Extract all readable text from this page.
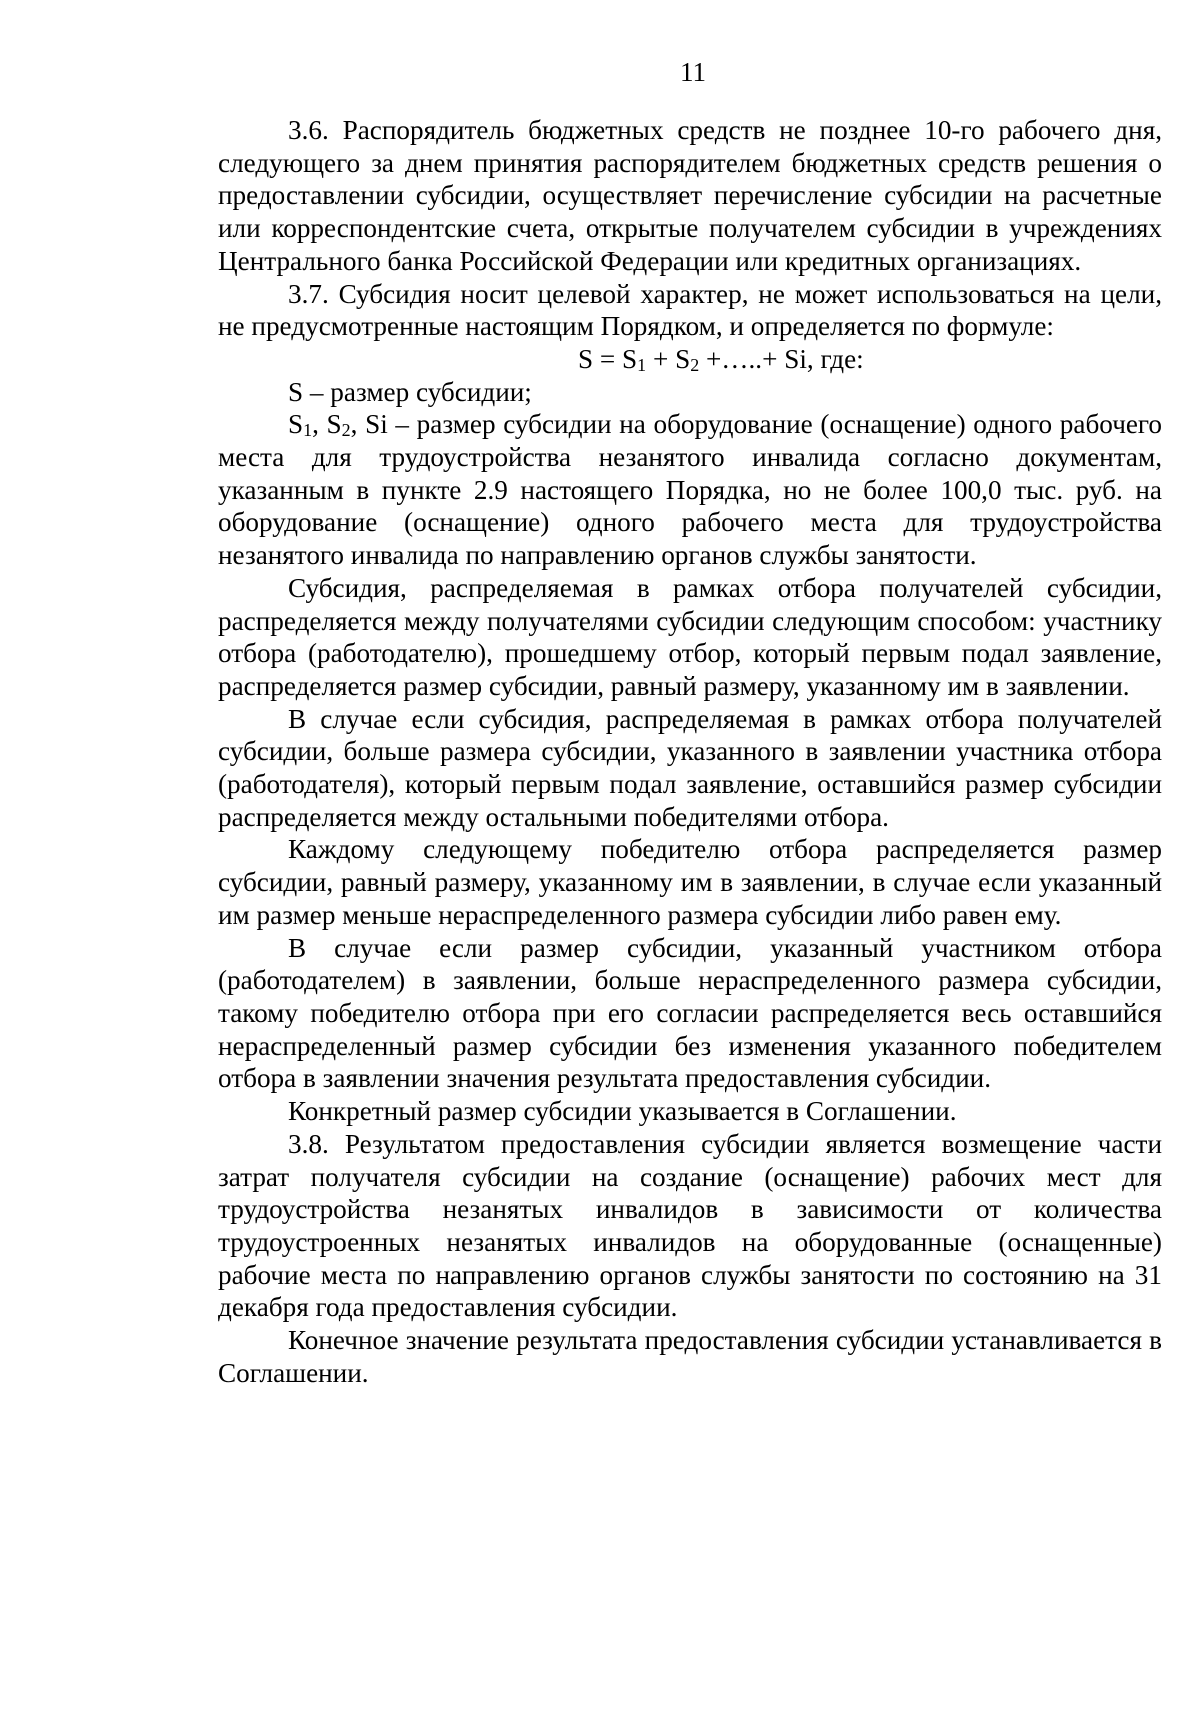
11

3.6. Распорядитель бюджетных средств не позднее 10-го рабочего дня, следующего за днем принятия распорядителем бюджетных средств решения о предоставлении субсидии, осуществляет перечисление субсидии на расчетные или корреспондентские счета, открытые получателем субсидии в учреждениях Центрального банка Российской Федерации или кредитных организациях.

3.7. Субсидия носит целевой характер, не может использоваться на цели, не предусмотренные настоящим Порядком, и определяется по формуле:

$S = S_1 + S_2$ +…..+ Si, где:

S – размер субсидии;

$S_1$, $S_2$, Si – размер субсидии на оборудование (оснащение) одного рабочего места для трудоустройства незанятого инвалида согласно документам, указанным в пункте 2.9 настоящего Порядка, но не более 100,0 тыс. руб. на оборудование (оснащение) одного рабочего места для трудоустройства незанятого инвалида по направлению органов службы занятости.

Субсидия, распределяемая в рамках отбора получателей субсидии, распределяется между получателями субсидии следующим способом: участнику отбора (работодателю), прошедшему отбор, который первым подал заявление, распределяется размер субсидии, равный размеру, указанному им в заявлении.

В случае если субсидия, распределяемая в рамках отбора получателей субсидии, больше размера субсидии, указанного в заявлении участника отбора (работодателя), который первым подал заявление, оставшийся размер субсидии распределяется между остальными победителями отбора.

Каждому следующему победителю отбора распределяется размер субсидии, равный размеру, указанному им в заявлении, в случае если указанный им размер меньше нераспределенного размера субсидии либо равен ему.

В случае если размер субсидии, указанный участником отбора (работодателем) в заявлении, больше нераспределенного размера субсидии, такому победителю отбора при его согласии распределяется весь оставшийся нераспределенный размер субсидии без изменения указанного победителем отбора в заявлении значения результата предоставления субсидии.

Конкретный размер субсидии указывается в Соглашении.

3.8. Результатом предоставления субсидии является возмещение части затрат получателя субсидии на создание (оснащение) рабочих мест для трудоустройства незанятых инвалидов в зависимости от количества трудоустроенных незанятых инвалидов на оборудованные (оснащенные) рабочие места по направлению органов службы занятости по состоянию на 31 декабря года предоставления субсидии.

Конечное значение результата предоставления субсидии устанавливается в Соглашении.
